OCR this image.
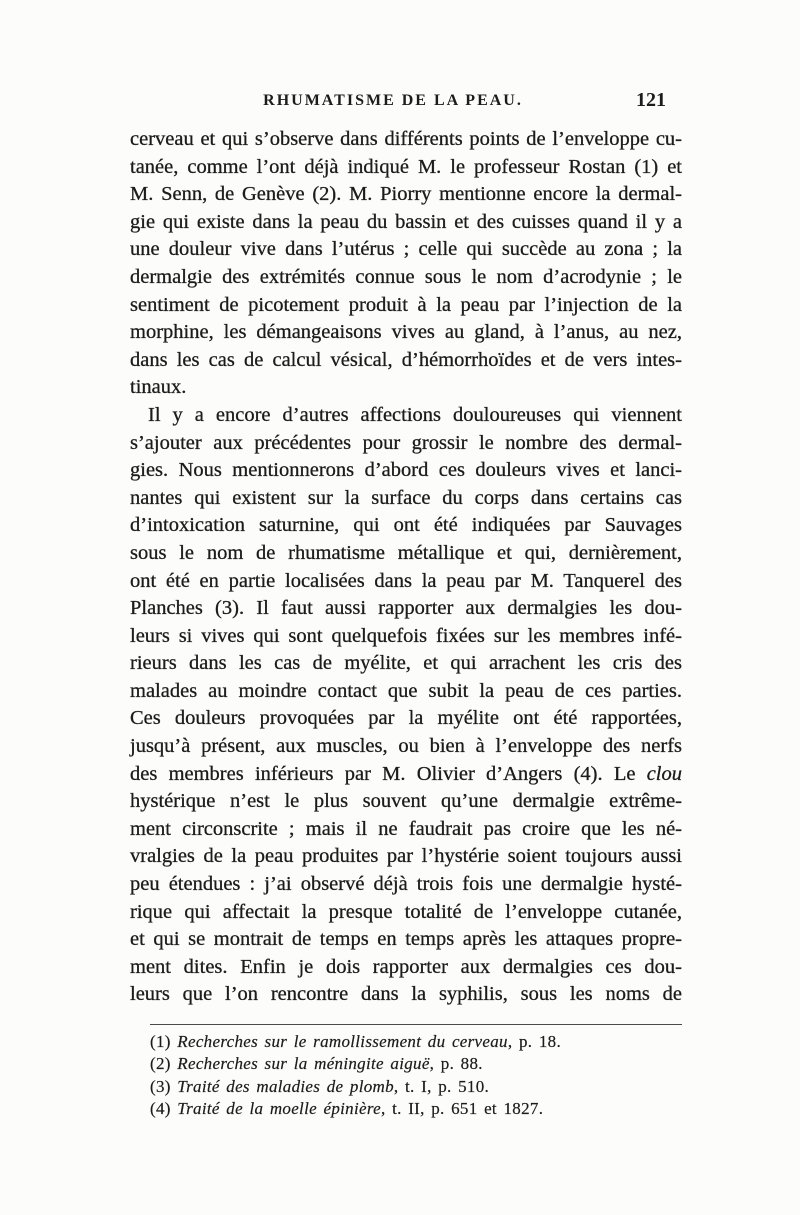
RHUMATISME DE LA PEAU.	121
cerveau et qui s’observe dans différents points de l’enveloppe cu-
tanée, comme l’ont déjà indiqué M. le professeur Rostan (1) et
M. Senn, de Genève (2). M. Piorry mentionne encore la dermal-
gie qui existe dans la peau du bassin et des cuisses quand il y a
une douleur vive dans l’utérus ; celle qui succède au zona ; la
dermalgie des extrémités connue sous le nom d’acrodynie ; le
sentiment de picotement produit à la peau par l’injection de la
morphine, les démangeaisons vives au gland, à l’anus, au nez,
dans les cas de calcul vésical, d’hémorrhoïdes et de vers intes-
tinaux.
Il y a encore d’autres affections douloureuses qui viennent
s’ajouter aux précédentes pour grossir le nombre des dermal-
gies. Nous mentionnerons d’abord ces douleurs vives et lanci-
nantes qui existent sur la surface du corps dans certains cas
d’intoxication saturnine, qui ont été indiquées par Sauvages
sous le nom de rhumatisme métallique et qui, dernièrement,
ont été en partie localisées dans la peau par M. Tanquerel des
Planches (3). Il faut aussi rapporter aux dermalgies les dou-
leurs si vives qui sont quelquefois fixées sur les membres infé-
rieurs dans les cas de myélite, et qui arrachent les cris des
malades au moindre contact que subit la peau de ces parties.
Ces douleurs provoquées par la myélite ont été rapportées,
jusqu’à présent, aux muscles, ou bien à l’enveloppe des nerfs
des membres inférieurs par M. Olivier d’Angers (4). Le clou
hystérique n’est le plus souvent qu’une dermalgie extrême-
ment circonscrite ; mais il ne faudrait pas croire que les né-
vralgies de la peau produites par l’hystérie soient toujours aussi
peu étendues : j’ai observé déjà trois fois une dermalgie hysté-
rique qui affectait la presque totalité de l’enveloppe cutanée,
et qui se montrait de temps en temps après les attaques propre-
ment dites. Enfin je dois rapporter aux dermalgies ces dou-
leurs que l’on rencontre dans la syphilis, sous les noms de
(1) Recherches sur le ramollissement du cerveau, p. 18.
(2) Recherches sur la méningite aiguë, p. 88.
(3) Traité des maladies de plomb, t. I, p. 510.
(4) Traité de la moelle épinière, t. II, p. 651 et 1827.
